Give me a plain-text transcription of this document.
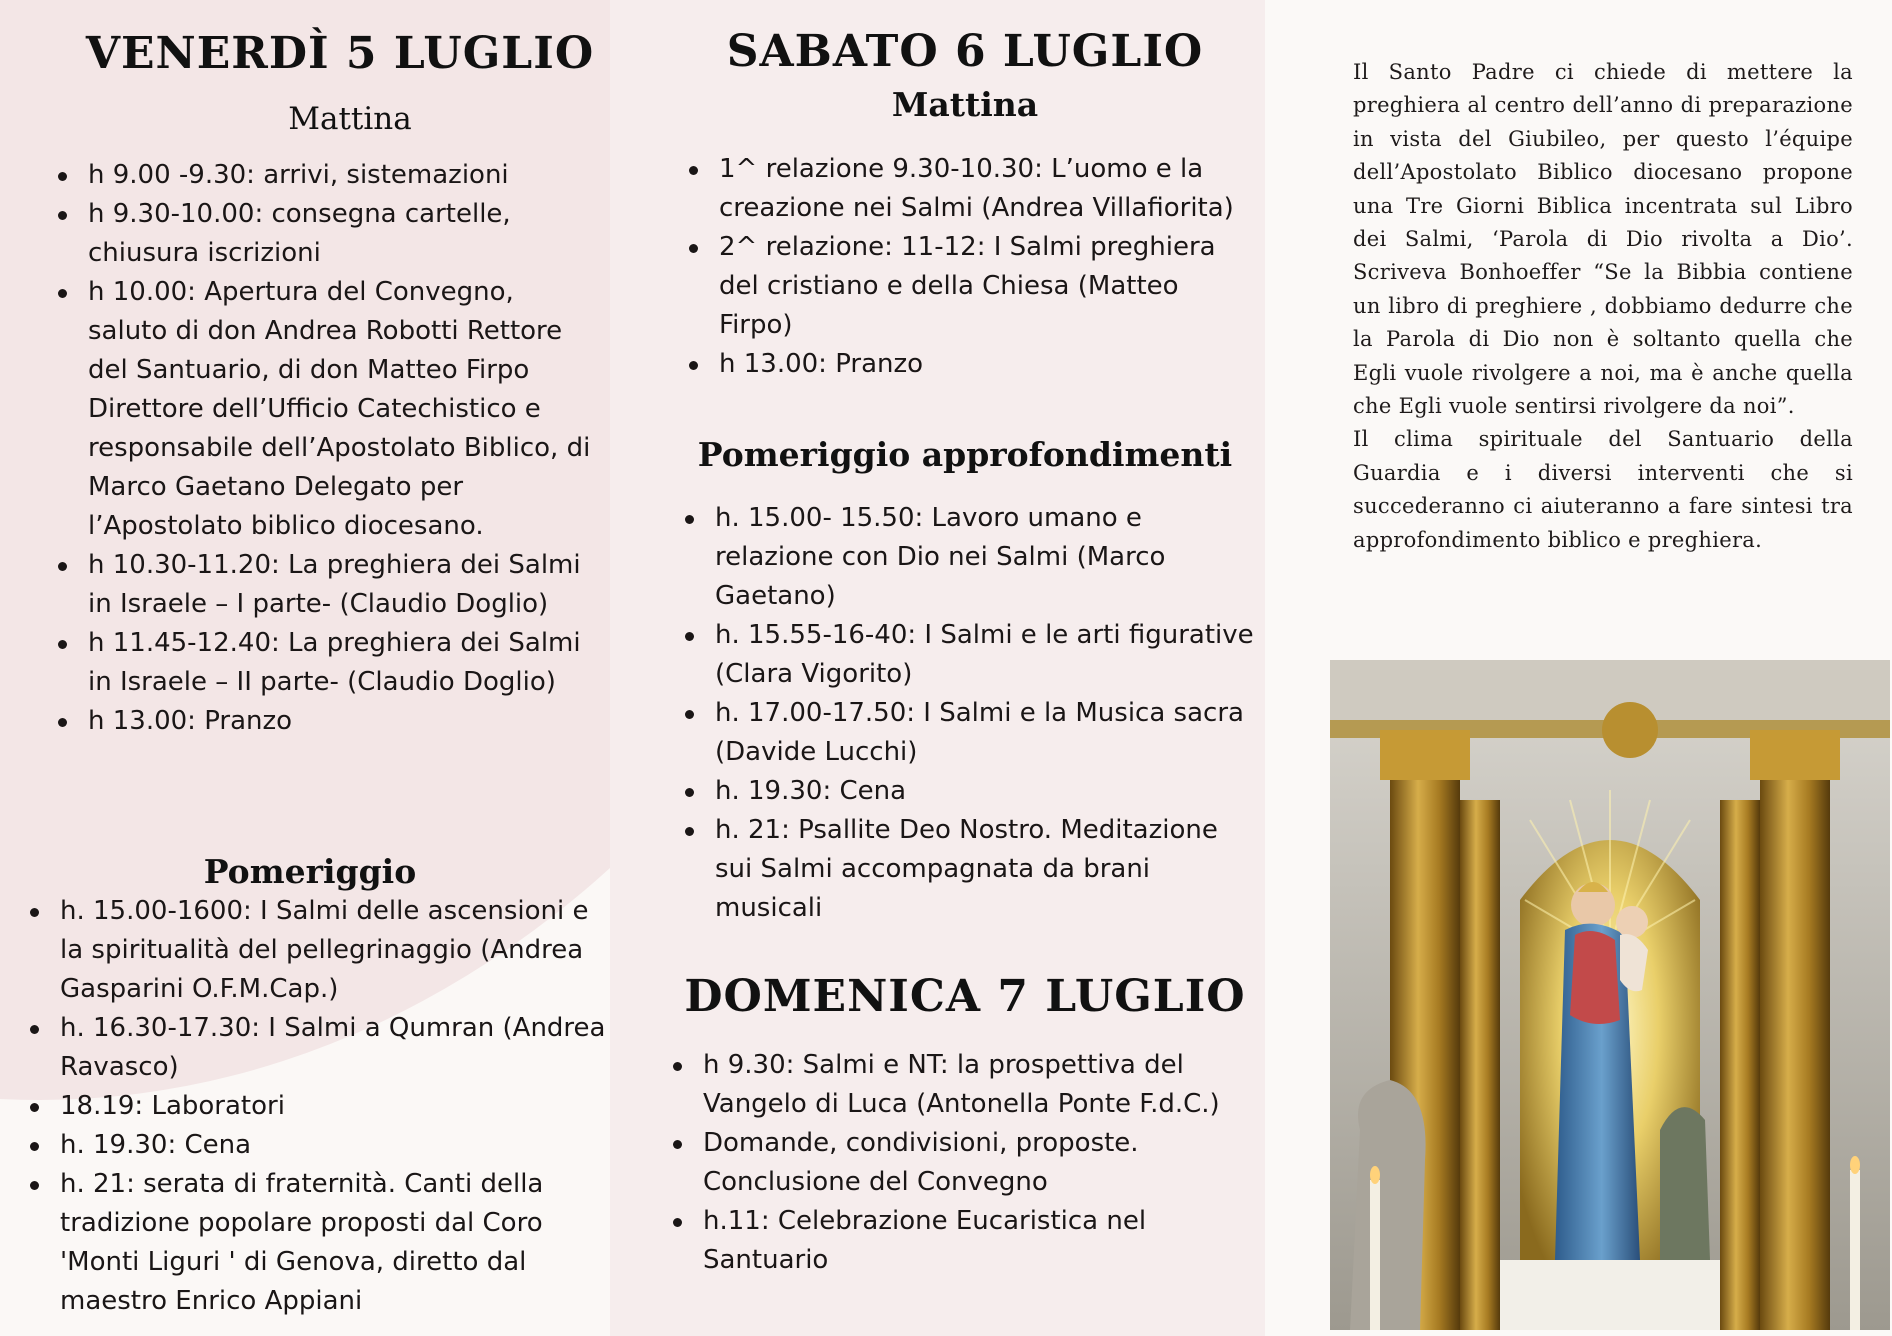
VENERDÌ 5 LUGLIO
Mattina
h 9.00 -9.30: arrivi, sistemazioni
h 9.30-10.00: consegna cartelle, chiusura iscrizioni
h 10.00: Apertura del Convegno, saluto di don Andrea Robotti Rettore del Santuario, di don Matteo Firpo Direttore dell’Ufficio Catechistico e responsabile dell’Apostolato Biblico, di Marco Gaetano Delegato per l’Apostolato biblico diocesano.
h 10.30-11.20: La preghiera dei Salmi in Israele – I parte- (Claudio Doglio)
h 11.45-12.40: La preghiera dei Salmi in Israele – II parte- (Claudio Doglio)
h 13.00: Pranzo
Pomeriggio
h. 15.00-1600: I Salmi delle ascensioni e la spiritualità del pellegrinaggio (Andrea Gasparini O.F.M.Cap.)
h. 16.30-17.30: I Salmi a Qumran (Andrea Ravasco)
18.19: Laboratori
h. 19.30: Cena
h. 21: serata di fraternità. Canti della tradizione popolare proposti dal Coro 'Monti Liguri ' di Genova, diretto dal maestro Enrico Appiani
SABATO 6 LUGLIO
Mattina
1^ relazione 9.30-10.30: L’uomo e la creazione nei Salmi (Andrea Villafiorita)
2^ relazione: 11-12: I Salmi preghiera del cristiano e della Chiesa (Matteo Firpo)
h 13.00: Pranzo
Pomeriggio approfondimenti
h. 15.00- 15.50: Lavoro umano e relazione con Dio nei Salmi (Marco Gaetano)
h. 15.55-16-40: I Salmi e le arti figurative (Clara Vigorito)
h. 17.00-17.50: I Salmi e la Musica sacra (Davide Lucchi)
h. 19.30: Cena
h. 21: Psallite Deo Nostro. Meditazione sui Salmi accompagnata da brani musicali
DOMENICA 7 LUGLIO
h 9.30: Salmi e NT: la prospettiva del Vangelo di Luca (Antonella Ponte F.d.C.)
Domande, condivisioni, proposte. Conclusione del Convegno
h.11: Celebrazione Eucaristica nel Santuario

Il Santo Padre ci chiede di mettere la preghiera al centro dell’anno di preparazione in vista del Giubileo, per questo l’équipe dell’Apostolato Biblico diocesano propone una Tre Giorni Biblica incentrata sul Libro dei Salmi, ‘Parola di Dio rivolta a Dio’. Scriveva Bonhoeffer “Se la Bibbia contiene un libro di preghiere , dobbiamo dedurre che la Parola di Dio non è soltanto quella che Egli vuole rivolgere a noi, ma è anche quella che Egli vuole sentirsi rivolgere da noi”.

Il clima spirituale del Santuario della Guardia e i diversi interventi che si succederanno ci aiuteranno a fare sintesi tra approfondimento biblico e preghiera.
